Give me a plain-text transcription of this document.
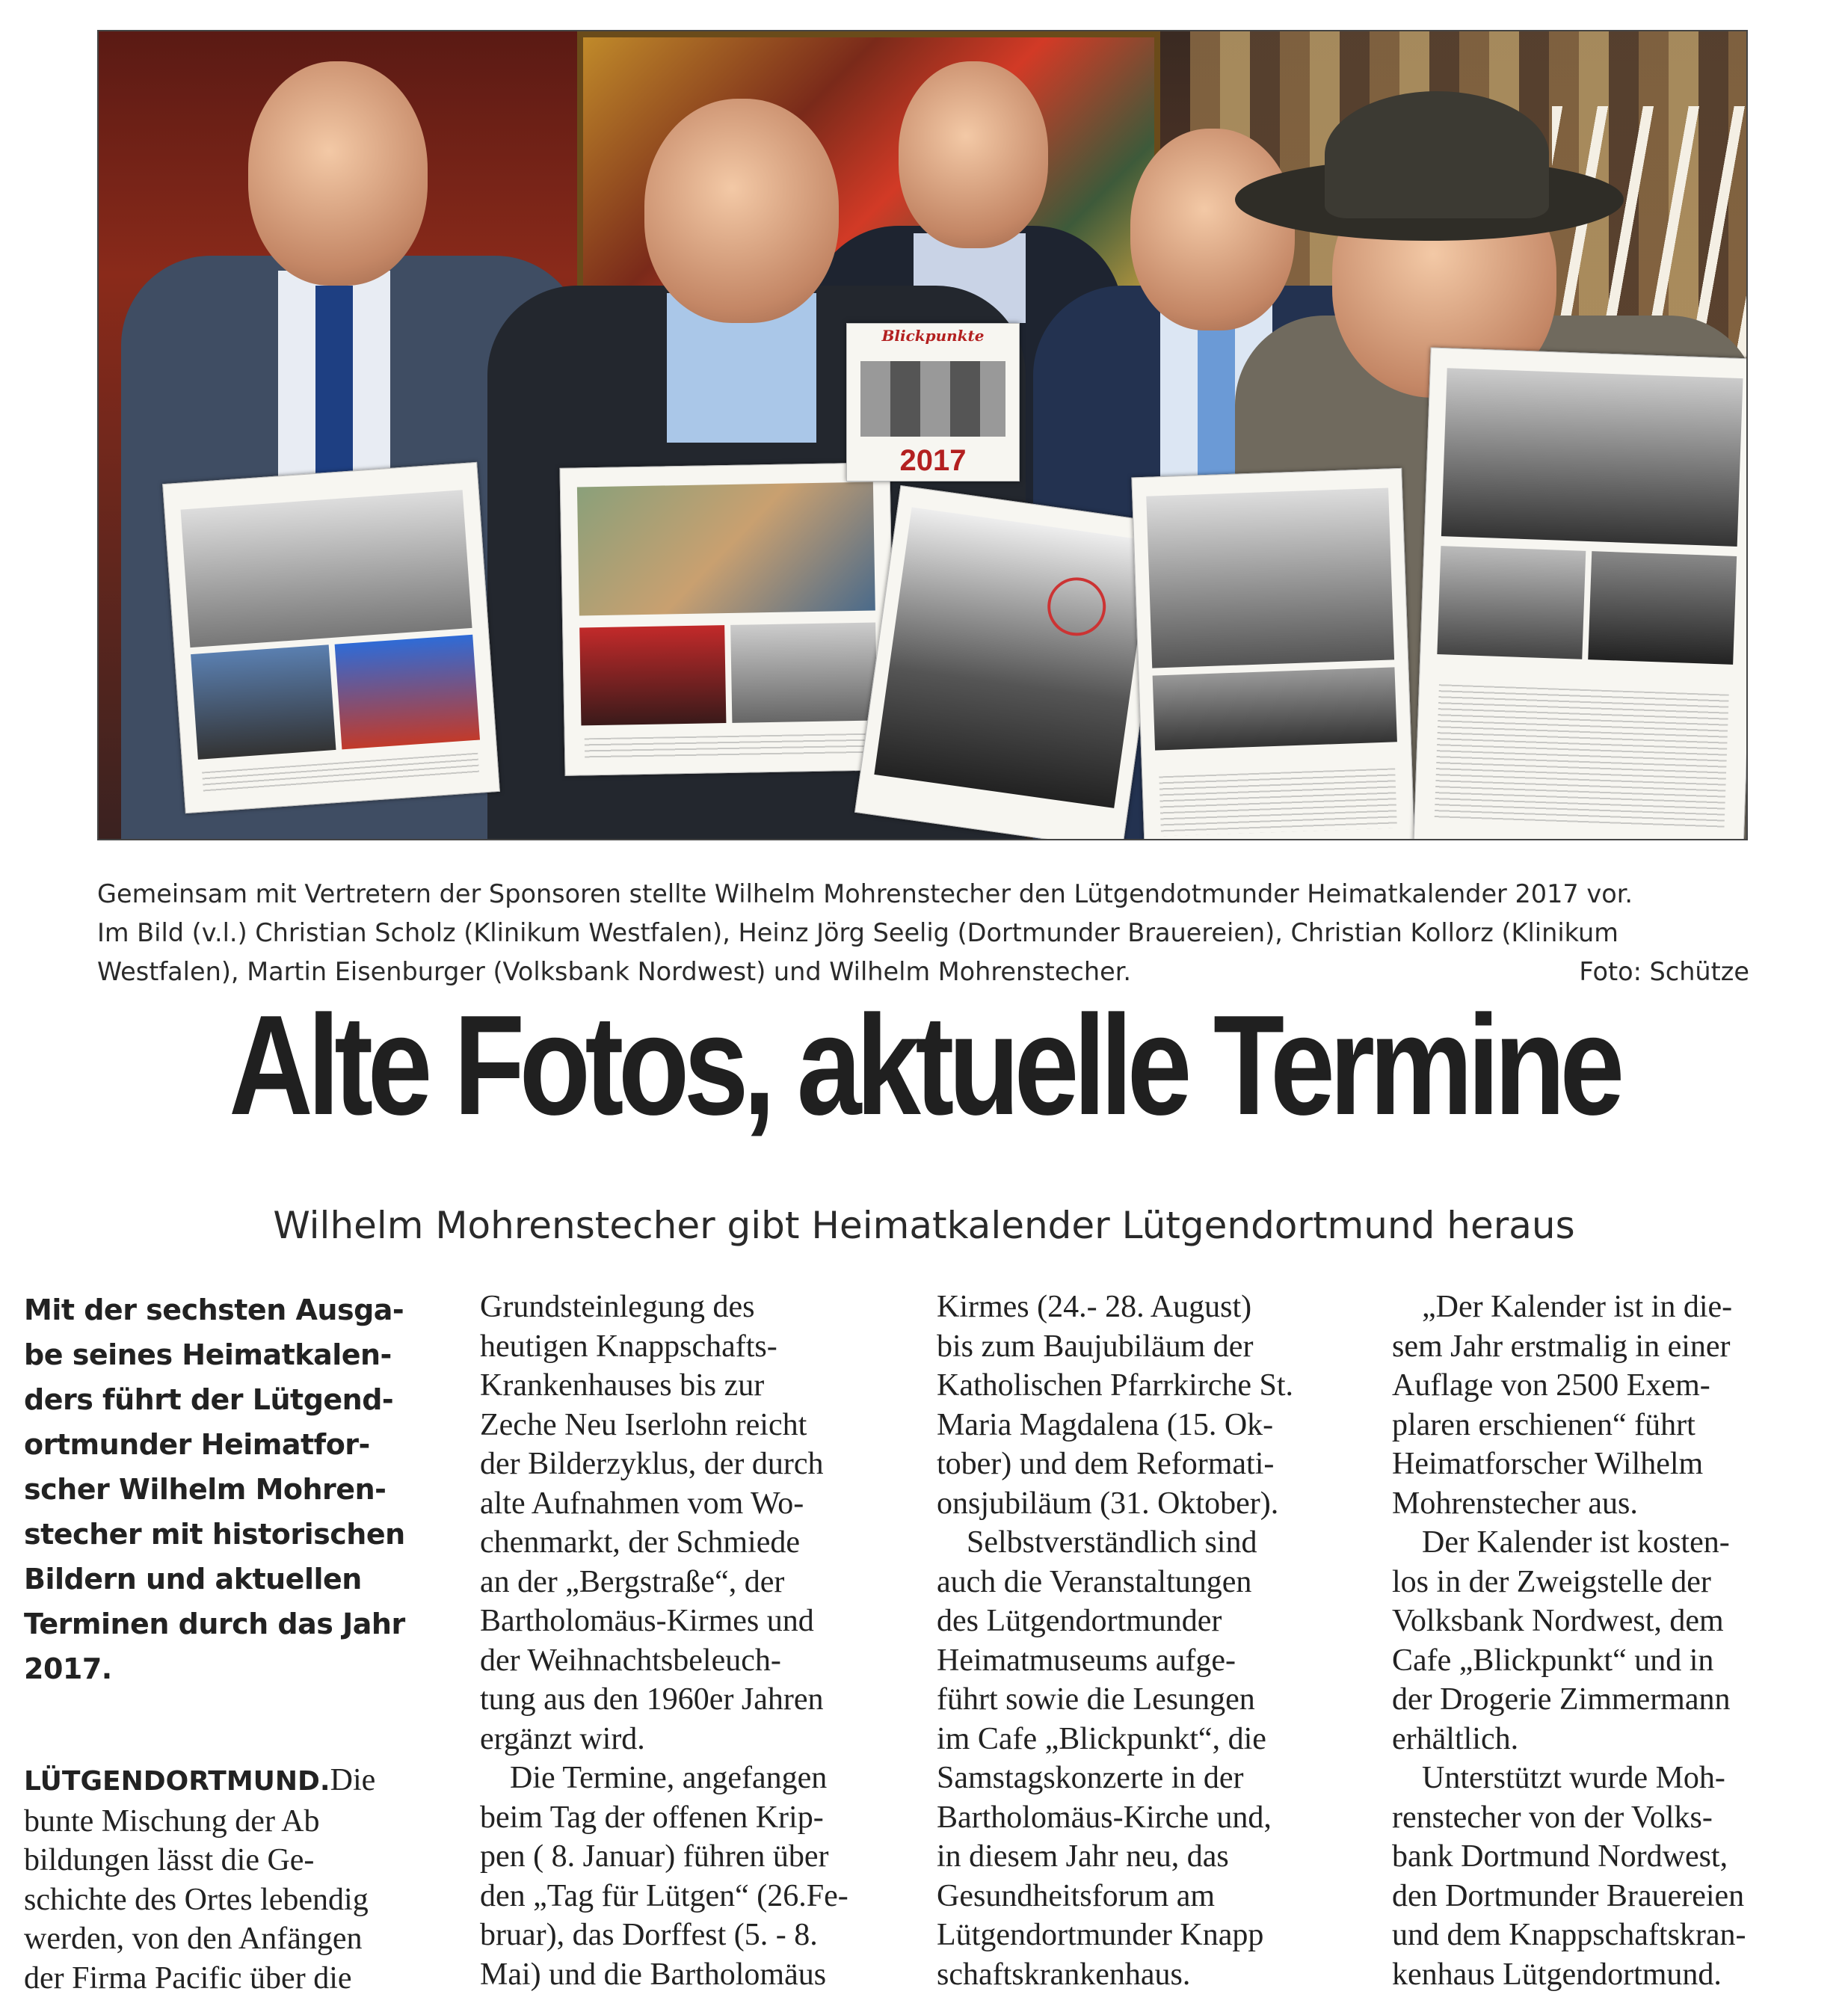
Blickpunkte
2017
Gemeinsam mit Vertretern der Sponsoren stellte Wilhelm Mohrenstecher den Lütgendotmunder Heimatkalender 2017 vor.
Im Bild (v.l.) Christian Scholz (Klinikum Westfalen), Heinz Jörg Seelig (Dortmunder Brauereien), Christian Kollorz (Klinikum
Westfalen), Martin Eisenburger (Volksbank Nordwest) und Wilhelm Mohrenstecher.	Foto: Schütze
Alte Fotos, aktuelle Termine
Wilhelm Mohrenstecher gibt Heimatkalender Lütgendortmund heraus
Mit der sechsten Ausga-
be seines Heimatkalen-
ders führt der Lütgend-
ortmunder Heimatfor-
scher Wilhelm Mohren-
stecher mit historischen
Bildern und aktuellen
Terminen durch das Jahr
2017.
LÜTGENDORTMUND.Die
bunte Mischung der Ab
bildungen lässt die Ge-
schichte des Ortes lebendig
werden, von den Anfängen
der Firma Pacific über die
Grundsteinlegung des
heutigen Knappschafts-
Krankenhauses bis zur
Zeche Neu Iserlohn reicht
der Bilderzyklus, der durch
alte Aufnahmen vom Wo-
chenmarkt, der Schmiede
an der „Bergstraße“, der
Bartholomäus-Kirmes und
der Weihnachtsbeleuch-
tung aus den 1960er Jahren
ergänzt wird.
Die Termine, angefangen
beim Tag der offenen Krip-
pen ( 8. Januar) führen über
den „Tag für Lütgen“ (26.Fe-
bruar), das Dorffest (5. - 8.
Mai) und die Bartholomäus
Kirmes (24.- 28. August)
bis zum Baujubiläum der
Katholischen Pfarrkirche St.
Maria Magdalena (15. Ok-
tober) und dem Reformati-
onsjubiläum (31. Oktober).
Selbstverständlich sind
auch die Veranstaltungen
des Lütgendortmunder
Heimatmuseums aufge-
führt sowie die Lesungen
im Cafe „Blickpunkt“, die
Samstagskonzerte in der
Bartholomäus-Kirche und,
in diesem Jahr neu, das
Gesundheitsforum am
Lütgendortmunder Knapp
schaftskrankenhaus.
„Der Kalender ist in die-
sem Jahr erstmalig in einer
Auflage von 2500 Exem-
plaren erschienen“ führt
Heimatforscher Wilhelm
Mohrenstecher aus.
Der Kalender ist kosten-
los in der Zweigstelle der
Volksbank Nordwest, dem
Cafe „Blickpunkt“ und in
der Drogerie Zimmermann
erhältlich.
Unterstützt wurde Moh-
renstecher von der Volks-
bank Dortmund Nordwest,
den Dortmunder Brauereien
und dem Knappschaftskran-
kenhaus Lütgendortmund.
